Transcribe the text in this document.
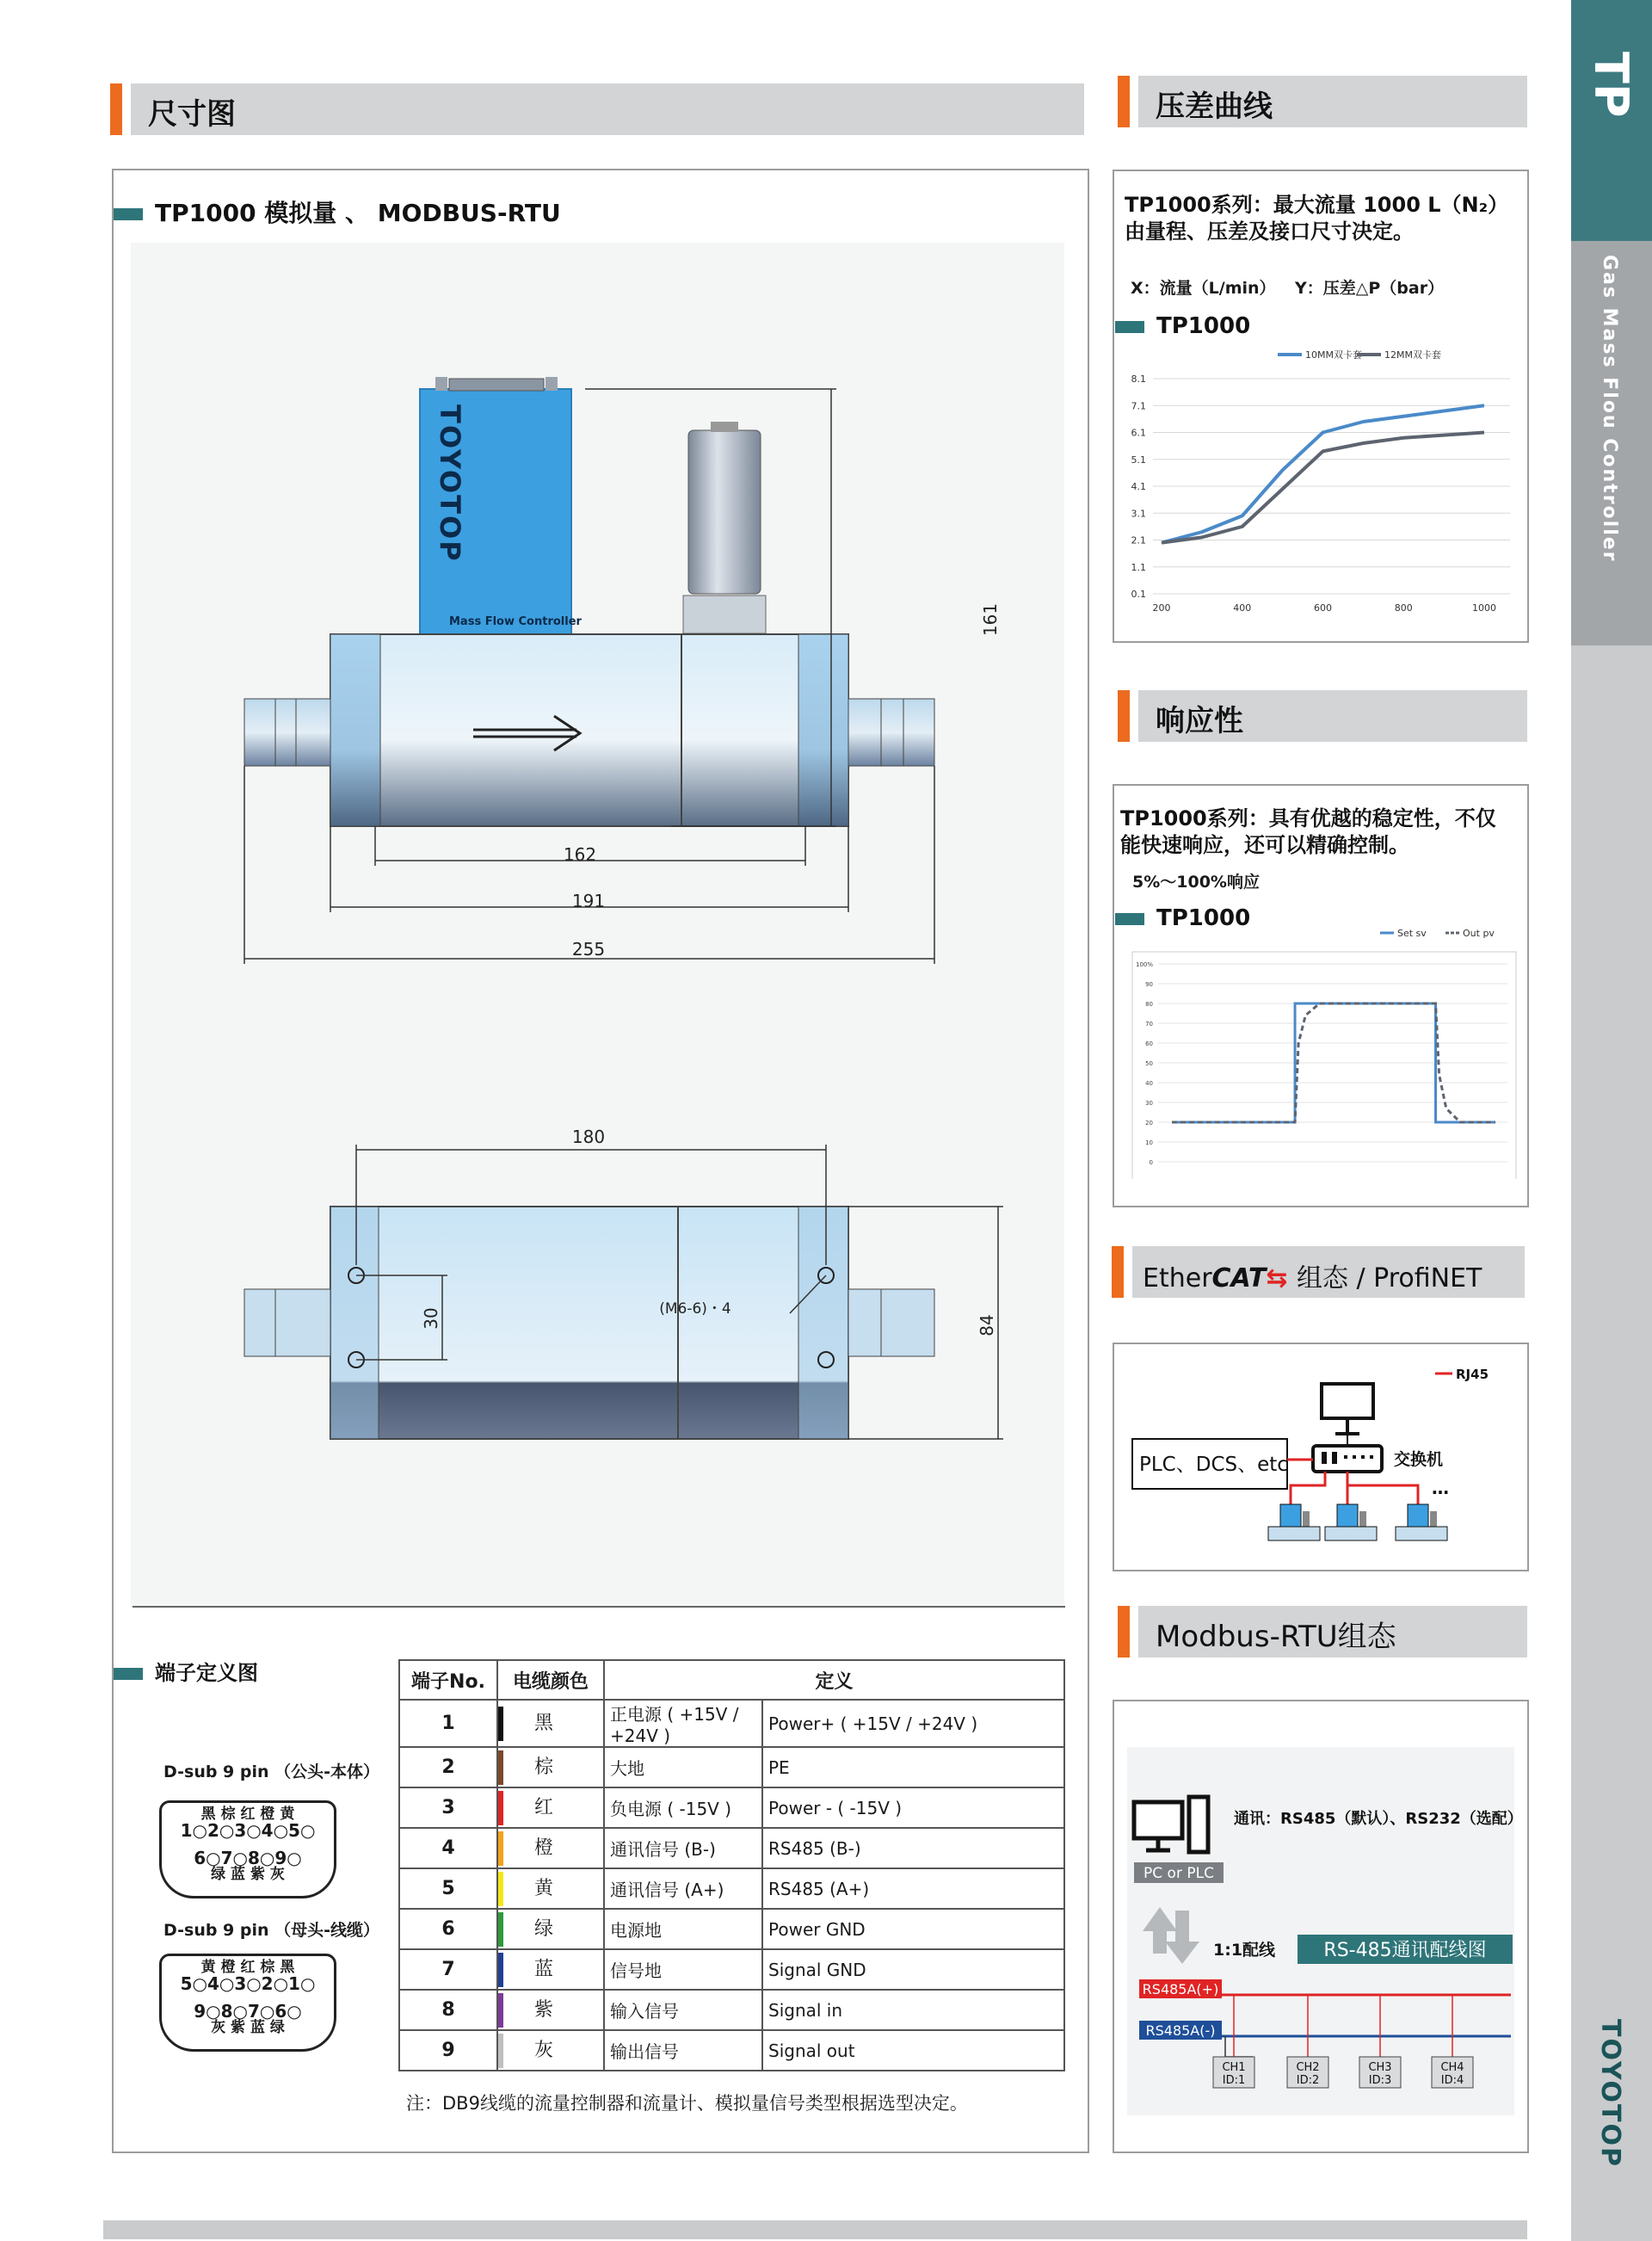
TP
Gas Mass Flou Controller
TOYOTOP
尺寸图
TP1000 模拟量 、 MODBUS-RTU
TOYOTOP
Mass Flow Controller
162
191
255
161
180
30	84
(M6-6)・4
端子定义图
D-sub 9 pin （公头-本体）
黑 棕 红 橙 黄
1○2○3○4○5○
6○7○8○9○
绿 蓝 紫 灰
D-sub 9 pin （母头-线缆）
黄 橙 红 棕 黑
5○4○3○2○1○
9○8○7○6○
灰 紫 蓝 绿
端子No.	电缆颜色	定义	
1	黑	正电源 ( +15V / +24V )	Power+ ( +15V / +24V )
2	棕	大地	PE
3	红	负电源 ( -15V )	Power - ( -15V )
4	橙	通讯信号 (B-)	RS485 (B-)
5	黄	通讯信号 (A+)	RS485 (A+)
6	绿	电源地	Power GND
7	蓝	信号地	Signal GND
8	紫	输入信号	Signal in
9	灰	输出信号	Signal out
注：DB9线缆的流量控制器和流量计、模拟量信号类型根据选型决定。
压差曲线
TP1000系列：最大流量 1000 L（N₂）
由量程、压差及接口尺寸决定。
X：流量（L/min） Y：压差△P（bar）
TP1000
8.1
7.1
6.1
5.1
4.1
3.1
2.1
1.1
0.1
200	400	600	800	1000
10MM双卡套 12MM双卡套
响应性
TP1000系列：具有优越的稳定性，不仅
能快速响应，还可以精确控制。
5%～100%响应
TP1000
100%
90
80
70
60
50
40
30
20
10
0
Set sv	Out pv
EtherCAT⇆ 组态 / ProfiNET
交换机
PLC、DCS、etc
RJ45
…
Modbus-RTU组态
通讯：RS485（默认）、RS232（选配）
PC or PLC
1:1配线	RS-485通讯配线图
RS485A(+)
RS485A(-)
CH1
ID:1
CH2
ID:2
CH3
ID:3
CH4
ID:4
